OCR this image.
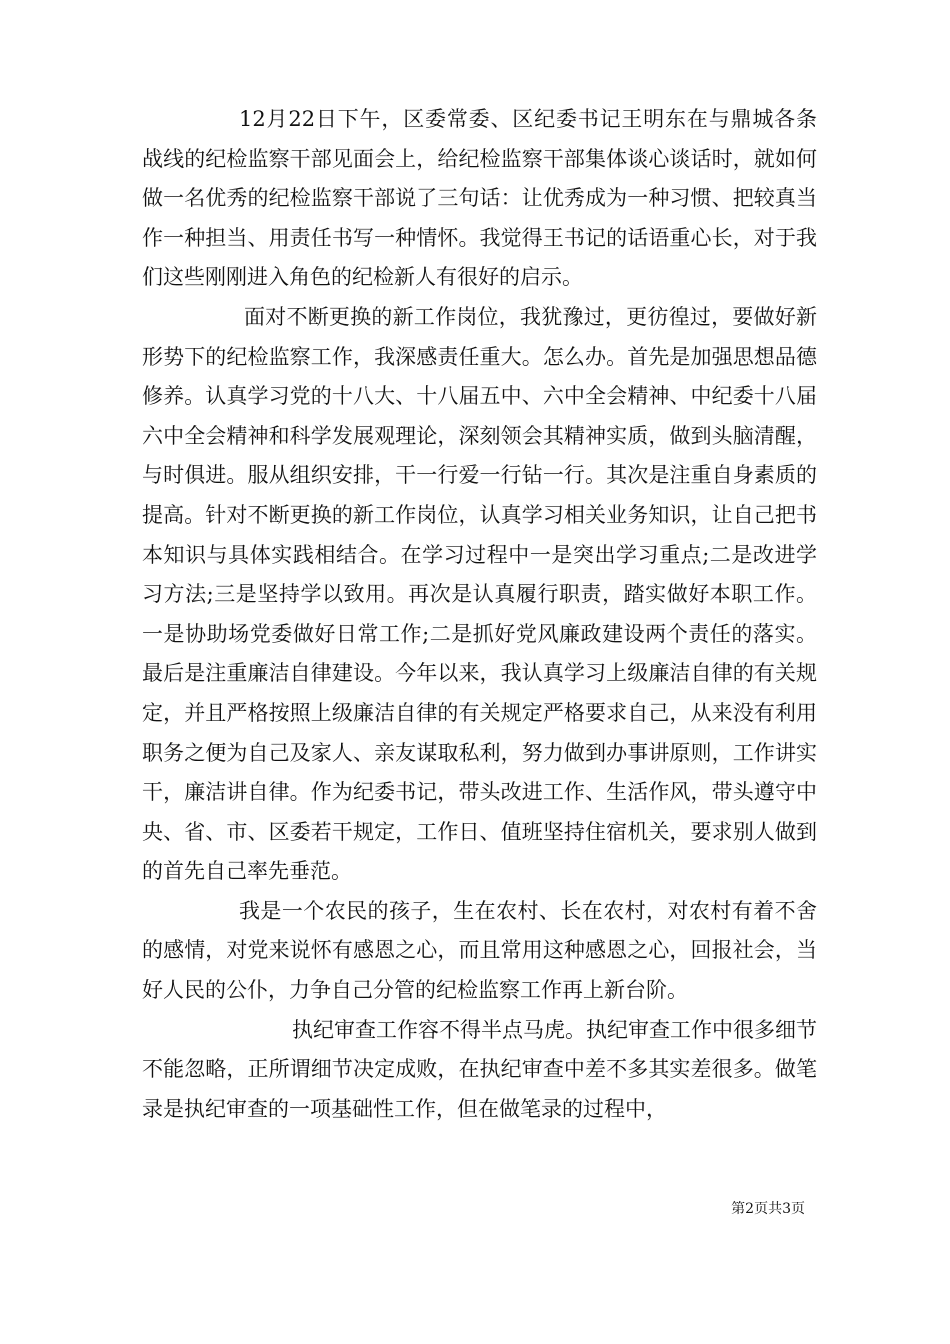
12月22日下午，区委常委、区纪委书记王明东在与鼎城各条战线的纪检监察干部见面会上，给纪检监察干部集体谈心谈话时，就如何做一名优秀的纪检监察干部说了三句话：让优秀成为一种习惯、把较真当作一种担当、用责任书写一种情怀。我觉得王书记的话语重心长，对于我们这些刚刚进入角色的纪检新人有很好的启示。

面对不断更换的新工作岗位，我犹豫过，更彷徨过，要做好新形势下的纪检监察工作，我深感责任重大。怎么办。首先是加强思想品德修养。认真学习党的十八大、十八届五中、六中全会精神、中纪委十八届六中全会精神和科学发展观理论，深刻领会其精神实质，做到头脑清醒，与时俱进。服从组织安排，干一行爱一行钻一行。其次是注重自身素质的提高。针对不断更换的新工作岗位，认真学习相关业务知识，让自己把书本知识与具体实践相结合。在学习过程中一是突出学习重点;二是改进学习方法;三是坚持学以致用。再次是认真履行职责，踏实做好本职工作。一是协助场党委做好日常工作;二是抓好党风廉政建设两个责任的落实。最后是注重廉洁自律建设。今年以来，我认真学习上级廉洁自律的有关规定，并且严格按照上级廉洁自律的有关规定严格要求自己，从来没有利用职务之便为自己及家人、亲友谋取私利，努力做到办事讲原则，工作讲实干，廉洁讲自律。作为纪委书记，带头改进工作、生活作风，带头遵守中央、省、市、区委若干规定，工作日、值班坚持住宿机关，要求别人做到的首先自己率先垂范。

我是一个农民的孩子，生在农村、长在农村，对农村有着不舍的感情，对党来说怀有感恩之心，而且常用这种感恩之心，回报社会，当好人民的公仆，力争自己分管的纪检监察工作再上新台阶。

执纪审查工作容不得半点马虎。执纪审查工作中很多细节不能忽略，正所谓细节决定成败，在执纪审查中差不多其实差很多。做笔录是执纪审查的一项基础性工作，但在做笔录的过程中，

第2页共3页
